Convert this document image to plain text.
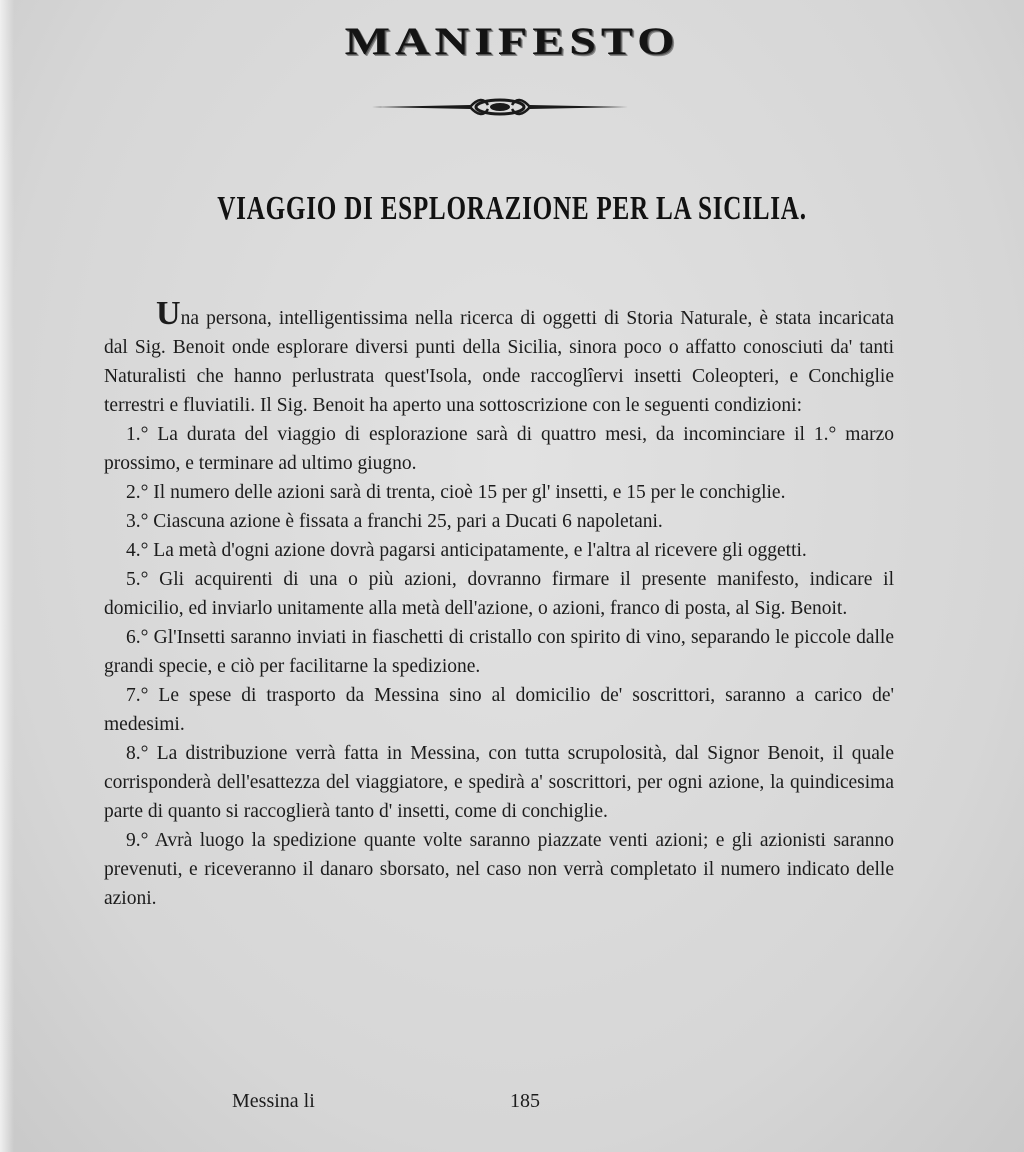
MANIFESTO
VIAGGIO DI ESPLORAZIONE PER LA SICILIA.

Una persona, intelligentissima nella ricerca di oggetti di Storia Naturale, è stata incaricata dal Sig. Benoit onde esplorare diversi punti della Sicilia, sinora poco o affatto conosciuti da' tanti Naturalisti che hanno perlustrata quest'Isola, onde raccoglîervi insetti Coleopteri, e Conchiglie terrestri e fluviatili. Il Sig. Benoit ha aperto una sottoscrizione con le seguenti condizioni:

1.° La durata del viaggio di esplorazione sarà di quattro mesi, da incominciare il 1.° marzo prossimo, e terminare ad ultimo giugno.

2.° Il numero delle azioni sarà di trenta, cioè 15 per gl' insetti, e 15 per le conchiglie.

3.° Ciascuna azione è fissata a franchi 25, pari a Ducati 6 napoletani.

4.° La metà d'ogni azione dovrà pagarsi anticipatamente, e l'altra al ricevere gli oggetti.

5.° Gli acquirenti di una o più azioni, dovranno firmare il presente manifesto, indicare il domicilio, ed inviarlo unitamente alla metà dell'azione, o azioni, franco di posta, al Sig. Benoit.

6.° Gl'Insetti saranno inviati in fiaschetti di cristallo con spirito di vino, separando le piccole dalle grandi specie, e ciò per facilitarne la spedizione.

7.° Le spese di trasporto da Messina sino al domicilio de' soscrittori, saranno a carico de' medesimi.

8.° La distribuzione verrà fatta in Messina, con tutta scrupolosità, dal Signor Benoit, il quale corrisponderà dell'esattezza del viaggiatore, e spedirà a' soscrittori, per ogni azione, la quindicesima parte di quanto si raccoglierà tanto d' insetti, come di conchiglie.

9.° Avrà luogo la spedizione quante volte saranno piazzate venti azioni; e gli azionisti saranno prevenuti, e riceveranno il danaro sborsato, nel caso non verrà completato il numero indicato delle azioni.

Messina li	185
